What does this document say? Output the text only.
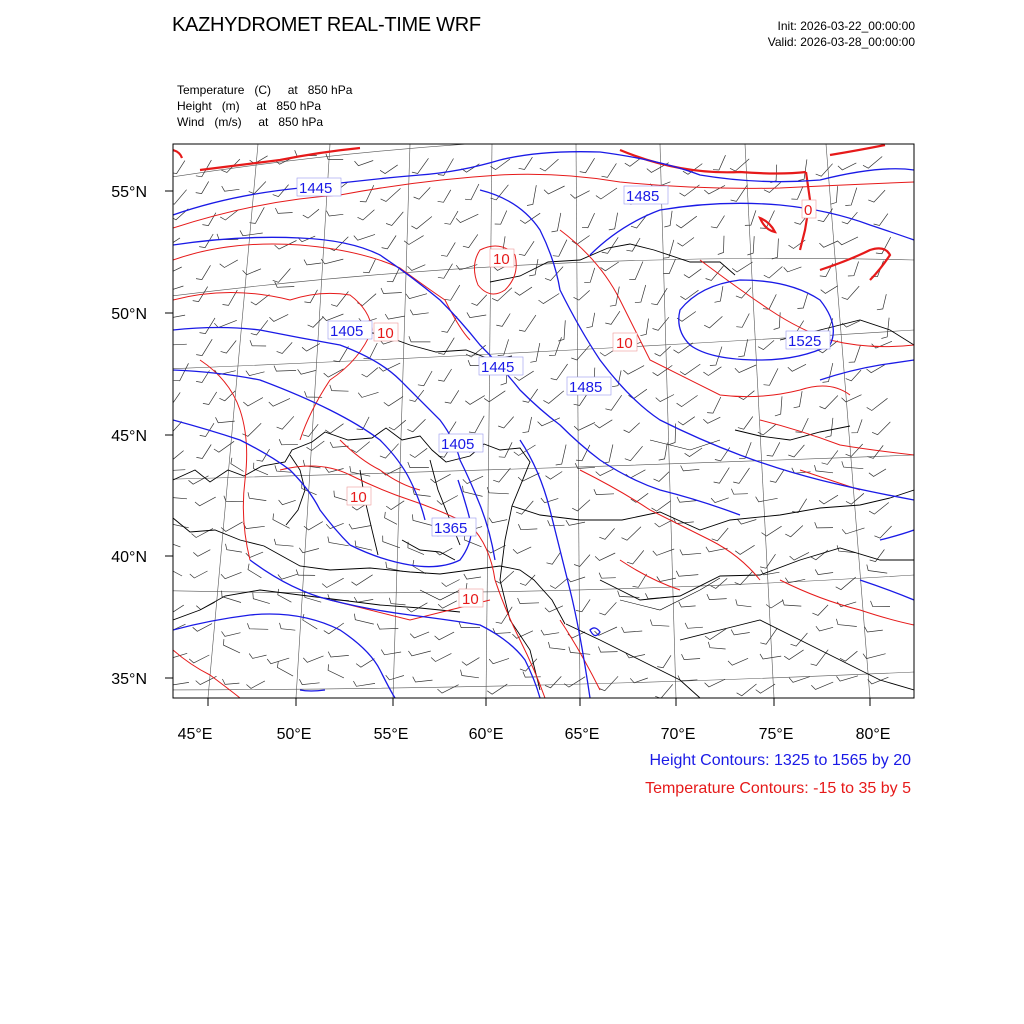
KAZHYDROMET REAL-TIME WRF	Init: 2026-03-22_00:00:00
Valid: 2026-03-28_00:00:00
Temperature   (C)     at   850 hPa
Height   (m)     at   850 hPa
Wind   (m/s)     at   850 hPa
45°E	50°E	55°E	60°E	65°E	70°E	75°E	80°E
55°N
50°N
45°N
40°N
35°N
1445	1485
1405
1445
1485
1525
1405
1365
10
10
10
10
10
0
Height Contours: 1325 to 1565 by 20
Temperature Contours: -15 to 35 by 5
